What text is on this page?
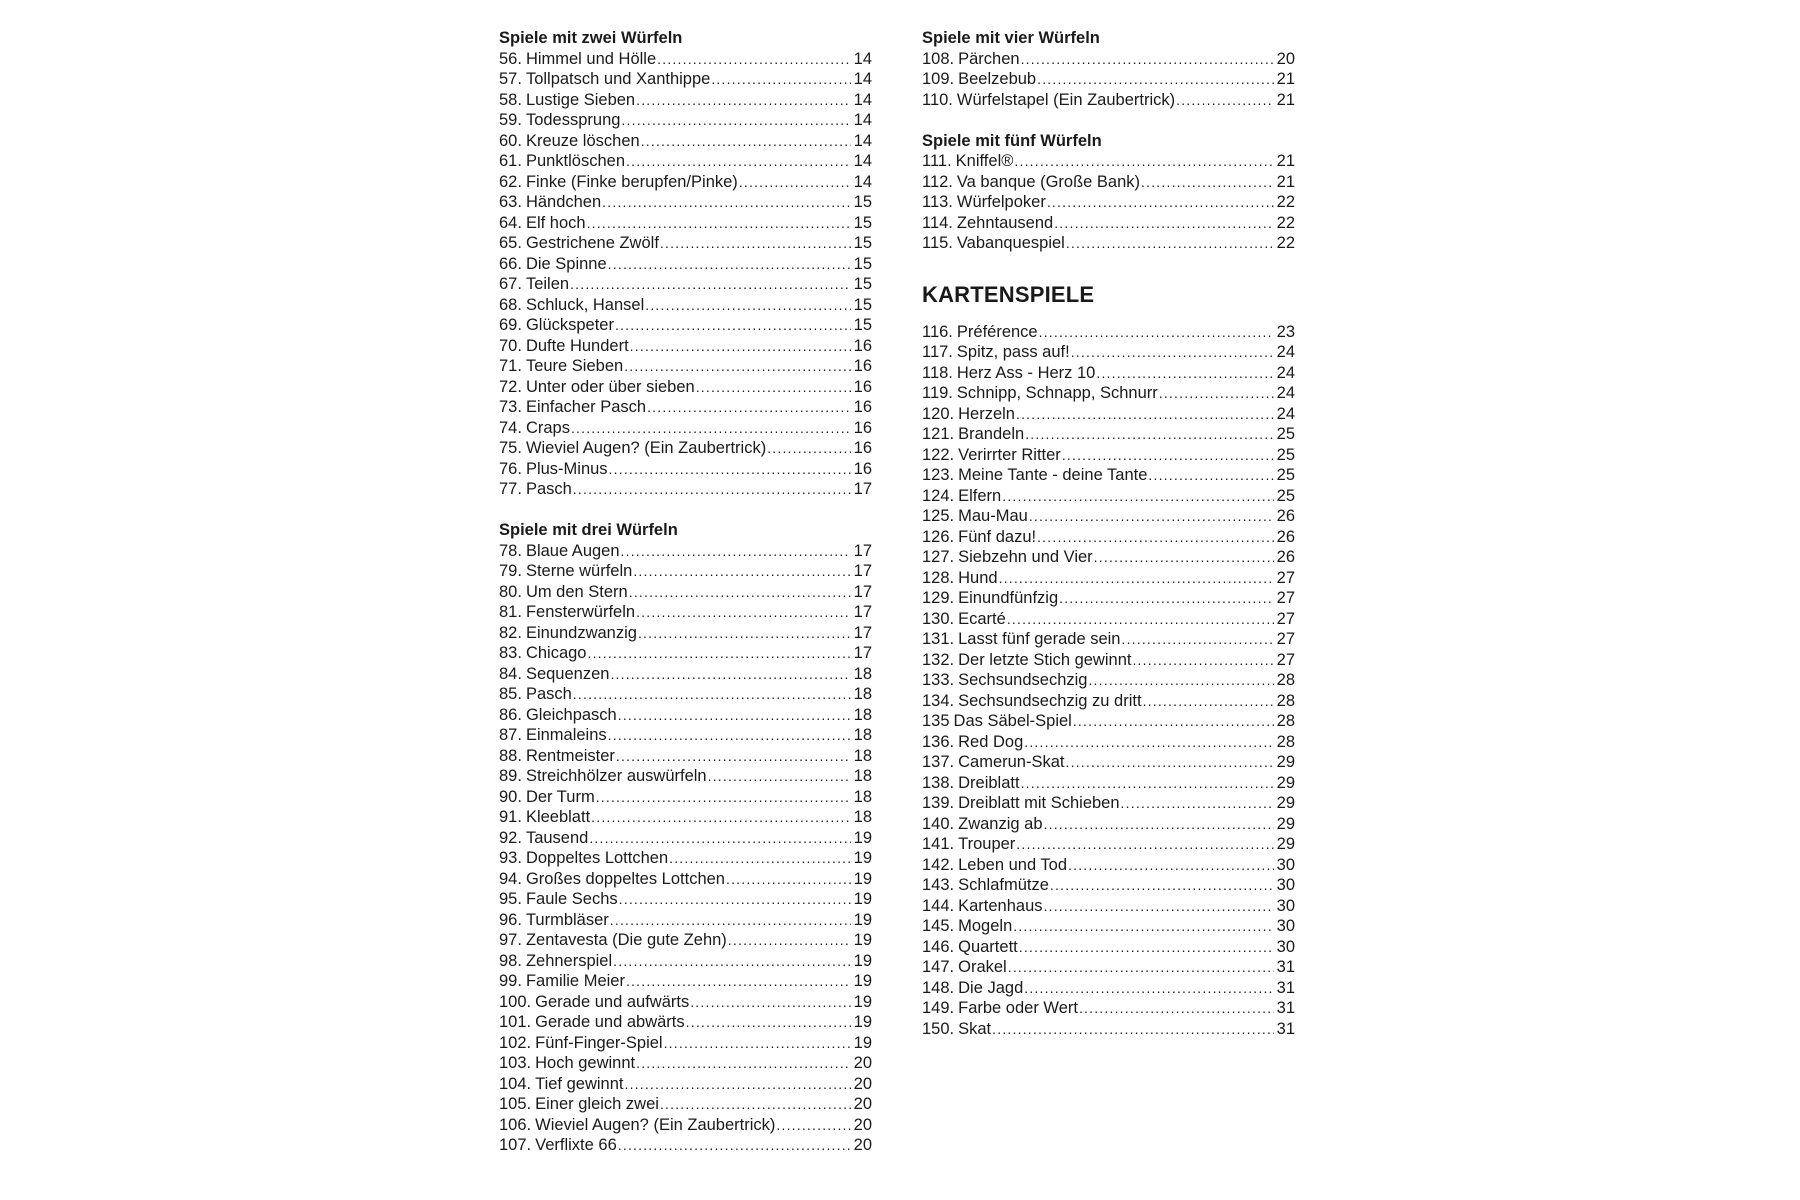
Spiele mit zwei Würfeln
56. Himmel und Hölle .....	14
57. Tollpatsch und Xanthippe .....	14
58. Lustige Sieben .....	14
59. Todessprung .....	14
60. Kreuze löschen .....	14
61. Punktlöschen .....	14
62. Finke (Finke berupfen/Pinke) .....	14
63. Händchen .....	15
64. Elf hoch .....	15
65. Gestrichene Zwölf .....	15
66. Die Spinne .....	15
67. Teilen .....	15
68. Schluck, Hansel .....	15
69. Glückspeter .....	15
70. Dufte Hundert .....	16
71. Teure Sieben .....	16
72. Unter oder über sieben .....	16
73. Einfacher Pasch .....	16
74. Craps .....	16
75. Wieviel Augen? (Ein Zaubertrick) .....	16
76. Plus-Minus .....	16
77. Pasch .....	17
Spiele mit drei Würfeln
78. Blaue Augen .....	17
79. Sterne würfeln .....	17
80. Um den Stern .....	17
81. Fensterwürfeln .....	17
82. Einundzwanzig .....	17
83. Chicago .....	17
84. Sequenzen .....	18
85. Pasch .....	18
86. Gleichpasch .....	18
87. Einmaleins .....	18
88. Rentmeister .....	18
89. Streichhölzer auswürfeln .....	18
90. Der Turm .....	18
91. Kleeblatt .....	18
92. Tausend .....	19
93. Doppeltes Lottchen .....	19
94. Großes doppeltes Lottchen .....	19
95. Faule Sechs .....	19
96. Turmbläser .....	19
97. Zentavesta (Die gute Zehn) .....	19
98. Zehnerspiel .....	19
99. Familie Meier .....	19
100. Gerade und aufwärts .....	19
101. Gerade und abwärts .....	19
102. Fünf-Finger-Spiel .....	19
103. Hoch gewinnt .....	20
104. Tief gewinnt .....	20
105. Einer gleich zwei .....	20
106. Wieviel Augen? (Ein Zaubertrick) .....	20
107. Verflixte 66 .....	20
Spiele mit vier Würfeln
108. Pärchen .....	20
109. Beelzebub .....	21
110. Würfelstapel (Ein Zaubertrick) .....	21
Spiele mit fünf Würfeln
111. Kniffel® .....	21
112. Va banque (Große Bank) .....	21
113. Würfelpoker .....	22
114. Zehntausend .....	22
115. Vabanquespiel .....	22
KARTENSPIELE
116. Préférence .....	23
117. Spitz, pass auf! .....	24
118. Herz Ass - Herz 10 .....	24
119. Schnipp, Schnapp, Schnurr .....	24
120. Herzeln .....	24
121. Brandeln .....	25
122. Verirrter Ritter .....	25
123. Meine Tante - deine Tante .....	25
124. Elfern .....	25
125. Mau-Mau .....	26
126. Fünf dazu! .....	26
127. Siebzehn und Vier .....	26
128. Hund .....	27
129. Einundfünfzig .....	27
130. Ecarté .....	27
131. Lasst fünf gerade sein .....	27
132. Der letzte Stich gewinnt .....	27
133. Sechsundsechzig .....	28
134. Sechsundsechzig zu dritt .....	28
135 Das Säbel-Spiel .....	28
136. Red Dog .....	28
137. Camerun-Skat .....	29
138. Dreiblatt .....	29
139. Dreiblatt mit Schieben .....	29
140. Zwanzig ab .....	29
141. Trouper .....	29
142. Leben und Tod .....	30
143. Schlafmütze .....	30
144. Kartenhaus .....	30
145. Mogeln .....	30
146. Quartett .....	30
147. Orakel .....	31
148. Die Jagd .....	31
149. Farbe oder Wert .....	31
150. Skat .....	31
